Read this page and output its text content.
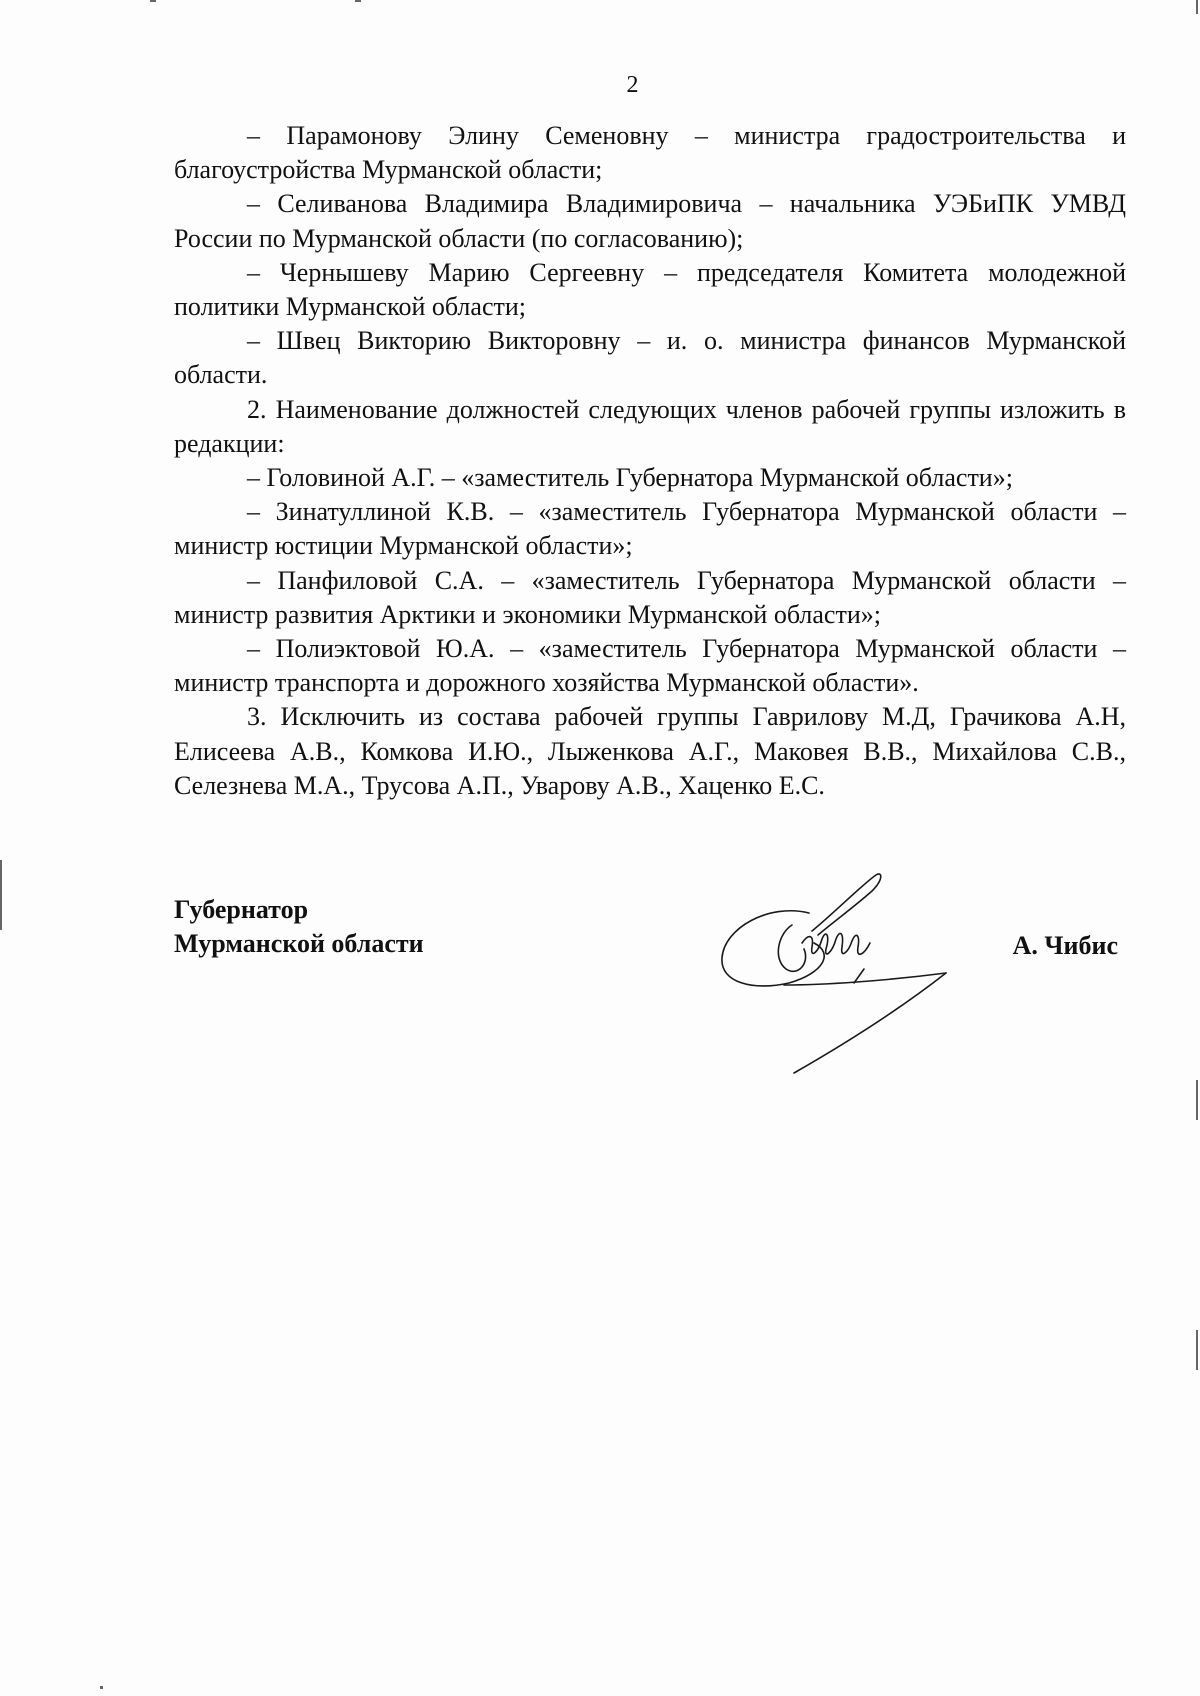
2

– Парамонову Элину Семеновну – министра градостроительства и благоустройства Мурманской области;

– Селиванова Владимира Владимировича – начальника УЭБиПК УМВД России по Мурманской области (по согласованию);

– Чернышеву Марию Сергеевну – председателя Комитета молодежной политики Мурманской области;

– Швец Викторию Викторовну – и. о. министра финансов Мурманской области.

2. Наименование должностей следующих членов рабочей группы изложить в редакции:

– Головиной А.Г. – «заместитель Губернатора Мурманской области»;

– Зинатуллиной К.В. – «заместитель Губернатора Мурманской области – министр юстиции Мурманской области»;

– Панфиловой С.А. – «заместитель Губернатора Мурманской области – министр развития Арктики и экономики Мурманской области»;

– Полиэктовой Ю.А. – «заместитель Губернатора Мурманской области – министр транспорта и дорожного хозяйства Мурманской области».

3. Исключить из состава рабочей группы Гаврилову М.Д, Грачикова А.Н, Елисеева А.В., Комкова И.Ю., Лыженкова А.Г., Маковея В.В., Михайлова С.В., Селезнева М.А., Трусова А.П., Уварову А.В., Хаценко Е.С.

Губернатор
Мурманской области	А. Чибис
